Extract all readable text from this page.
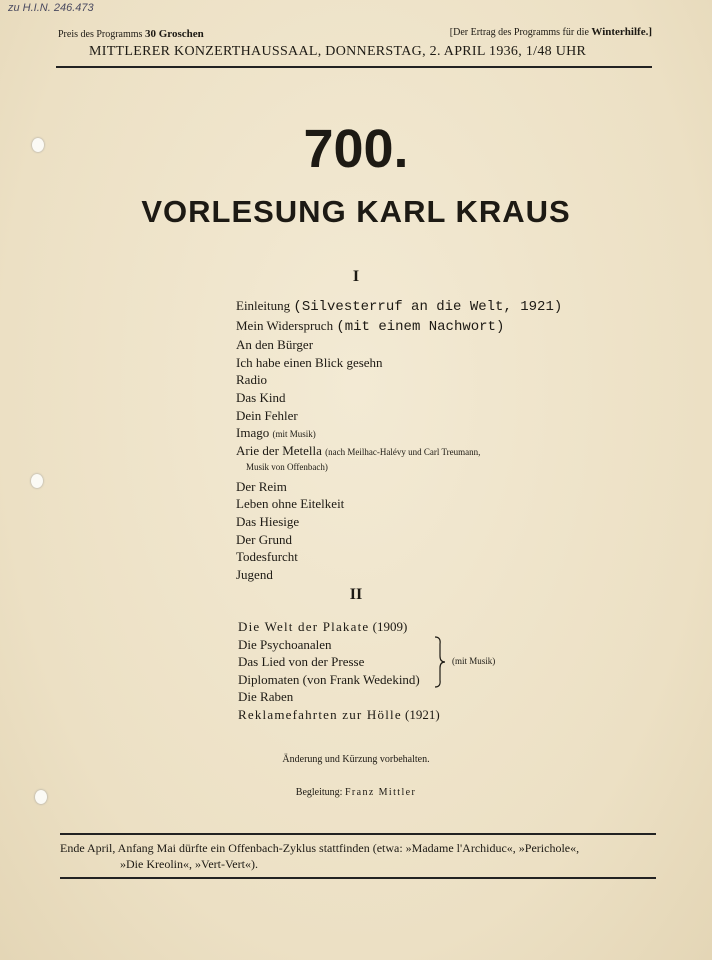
zu H.I.N. 246.473
Preis des Programms 30 Groschen	[Der Ertrag des Programms für die Winterhilfe.]
MITTLERER KONZERTHAUSSAAL, DONNERSTAG, 2. APRIL 1936, 1/48 UHR
700.
VORLESUNG KARL KRAUS
I
Einleitung (Silvesterruf an die Welt, 1921)
Mein Widerspruch (mit einem Nachwort)
An den Bürger
Ich habe einen Blick gesehn
Radio
Das Kind
Dein Fehler
Imago (mit Musik)
Arie der Metella (nach Meilhac-Halévy und Carl Treumann,
Musik von Offenbach)
Der Reim
Leben ohne Eitelkeit
Das Hiesige
Der Grund
Todesfurcht
Jugend
II
Die Welt der Plakate (1909)
Die Psychoanalen
Das Lied von der Presse
Diplomaten (von Frank Wedekind)
Die Raben
Reklamefahrten zur Hölle (1921)
(mit Musik)
Änderung und Kürzung vorbehalten.
Begleitung: Franz Mittler
Ende April, Anfang Mai dürfte ein Offenbach-Zyklus stattfinden (etwa: »Madame l'Archiduc«, »Perichole«,
»Die Kreolin«, »Vert-Vert«).
